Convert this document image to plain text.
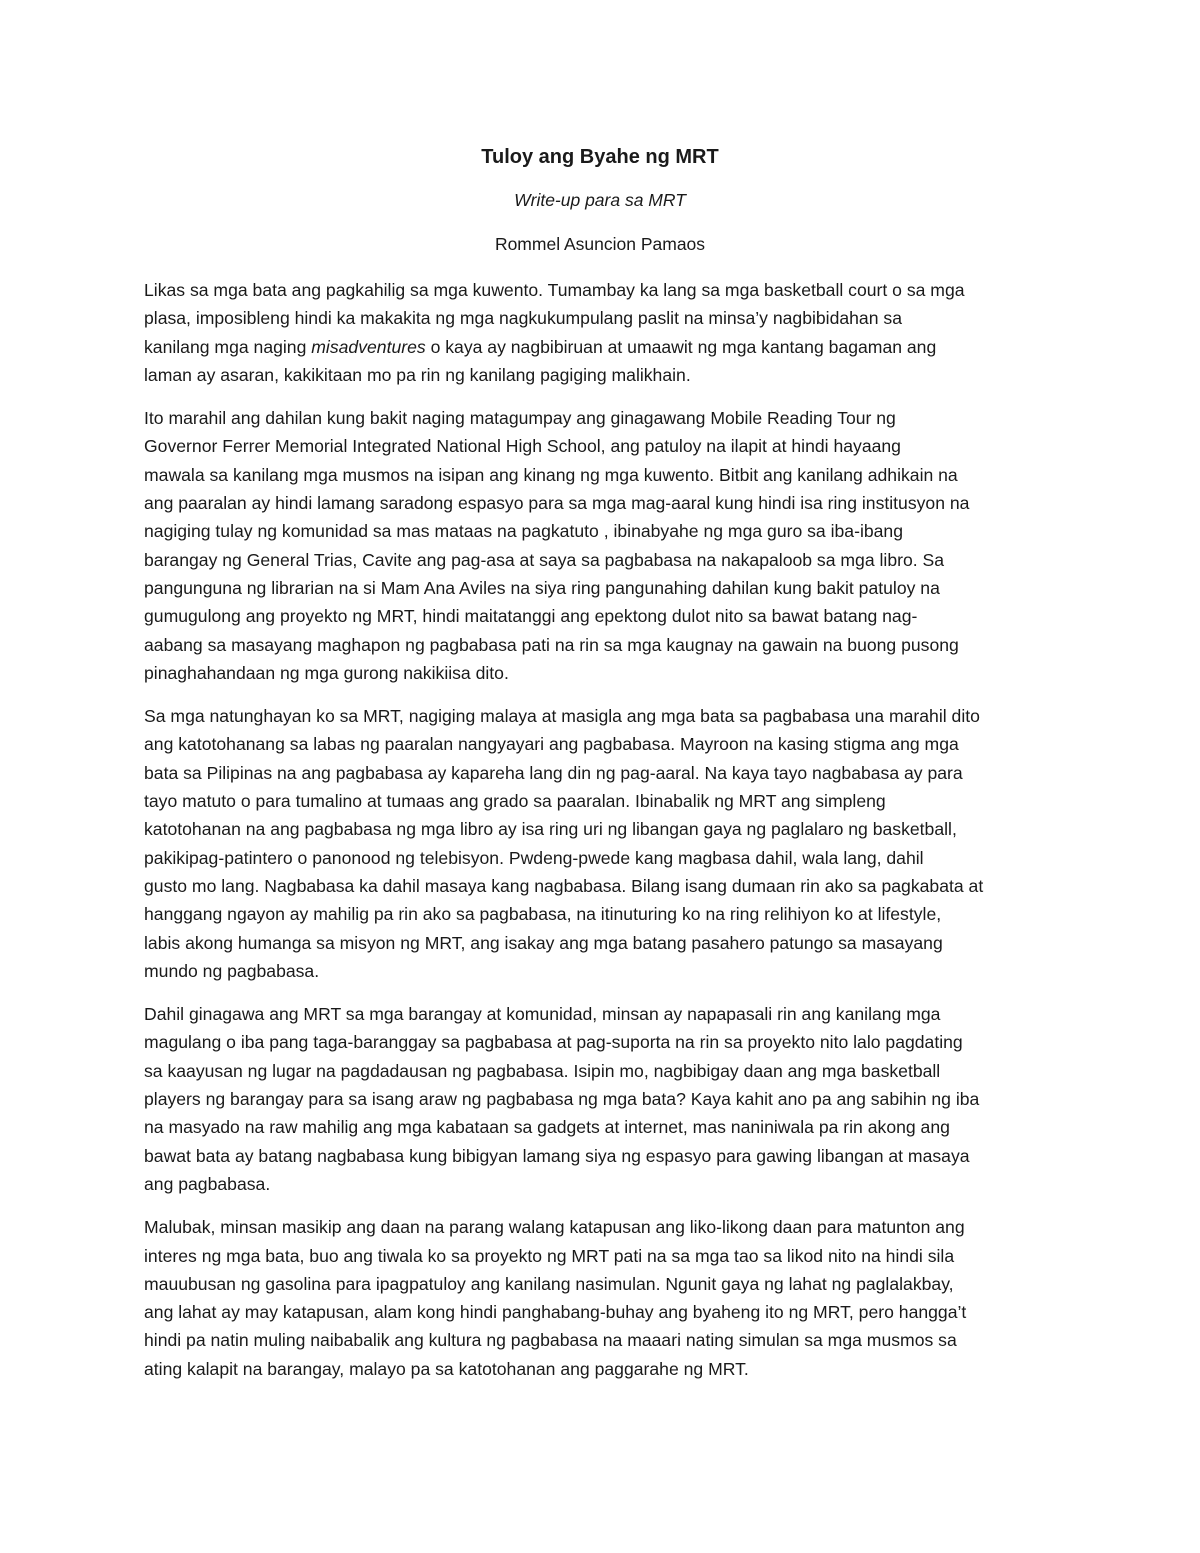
Tuloy ang Byahe ng MRT
Write-up para sa MRT
Rommel Asuncion Pamaos

Likas sa mga bata ang pagkahilig sa mga kuwento. Tumambay ka lang sa mga basketball court o sa mga
plasa, imposibleng hindi ka makakita ng mga nagkukumpulang paslit na minsa’y nagbibidahan sa
kanilang mga naging misadventures o kaya ay nagbibiruan at umaawit ng mga kantang bagaman ang
laman ay asaran, kakikitaan mo pa rin ng kanilang pagiging malikhain.

Ito marahil ang dahilan kung bakit naging matagumpay ang ginagawang Mobile Reading Tour ng
Governor Ferrer Memorial Integrated National High School, ang patuloy na ilapit at hindi hayaang
mawala sa kanilang mga musmos na isipan ang kinang ng mga kuwento. Bitbit ang kanilang adhikain na
ang paaralan ay hindi lamang saradong espasyo para sa mga mag-aaral kung hindi isa ring institusyon na
nagiging tulay ng komunidad sa mas mataas na pagkatuto , ibinabyahe ng mga guro sa iba-ibang
barangay ng General Trias, Cavite ang pag-asa at saya sa pagbabasa na nakapaloob sa mga libro. Sa
pangunguna ng librarian na si Mam Ana Aviles na siya ring pangunahing dahilan kung bakit patuloy na
gumugulong ang proyekto ng MRT, hindi maitatanggi ang epektong dulot nito sa bawat batang nag-
aabang sa masayang maghapon ng pagbabasa pati na rin sa mga kaugnay na gawain na buong pusong
pinaghahandaan ng mga gurong nakikiisa dito.

Sa mga natunghayan ko sa MRT, nagiging malaya at masigla ang mga bata sa pagbabasa una marahil dito
ang katotohanang sa labas ng paaralan nangyayari ang pagbabasa. Mayroon na kasing stigma ang mga
bata sa Pilipinas na ang pagbabasa ay kapareha lang din ng pag-aaral. Na kaya tayo nagbabasa ay para
tayo matuto o para tumalino at tumaas ang grado sa paaralan. Ibinabalik ng MRT ang simpleng
katotohanan na ang pagbabasa ng mga libro ay isa ring uri ng libangan gaya ng paglalaro ng basketball,
pakikipag-patintero o panonood ng telebisyon. Pwdeng-pwede kang magbasa dahil, wala lang, dahil
gusto mo lang. Nagbabasa ka dahil masaya kang nagbabasa. Bilang isang dumaan rin ako sa pagkabata at
hanggang ngayon ay mahilig pa rin ako sa pagbabasa, na itinuturing ko na ring relihiyon ko at lifestyle,
labis akong humanga sa misyon ng MRT, ang isakay ang mga batang pasahero patungo sa masayang
mundo ng pagbabasa.

Dahil ginagawa ang MRT sa mga barangay at komunidad, minsan ay napapasali rin ang kanilang mga
magulang o iba pang taga-baranggay sa pagbabasa at pag-suporta na rin sa proyekto nito lalo pagdating
sa kaayusan ng lugar na pagdadausan ng pagbabasa. Isipin mo, nagbibigay daan ang mga basketball
players ng barangay para sa isang araw ng pagbabasa ng mga bata? Kaya kahit ano pa ang sabihin ng iba
na masyado na raw mahilig ang mga kabataan sa gadgets at internet, mas naniniwala pa rin akong ang
bawat bata ay batang nagbabasa kung bibigyan lamang siya ng espasyo para gawing libangan at masaya
ang pagbabasa.

Malubak, minsan masikip ang daan na parang walang katapusan ang liko-likong daan para matunton ang
interes ng mga bata, buo ang tiwala ko sa proyekto ng MRT pati na sa mga tao sa likod nito na hindi sila
mauubusan ng gasolina para ipagpatuloy ang kanilang nasimulan. Ngunit gaya ng lahat ng paglalakbay,
ang lahat ay may katapusan, alam kong hindi panghabang-buhay ang byaheng ito ng MRT, pero hangga’t
hindi pa natin muling naibabalik ang kultura ng pagbabasa na maaari nating simulan sa mga musmos sa
ating kalapit na barangay, malayo pa sa katotohanan ang paggarahe ng MRT.
